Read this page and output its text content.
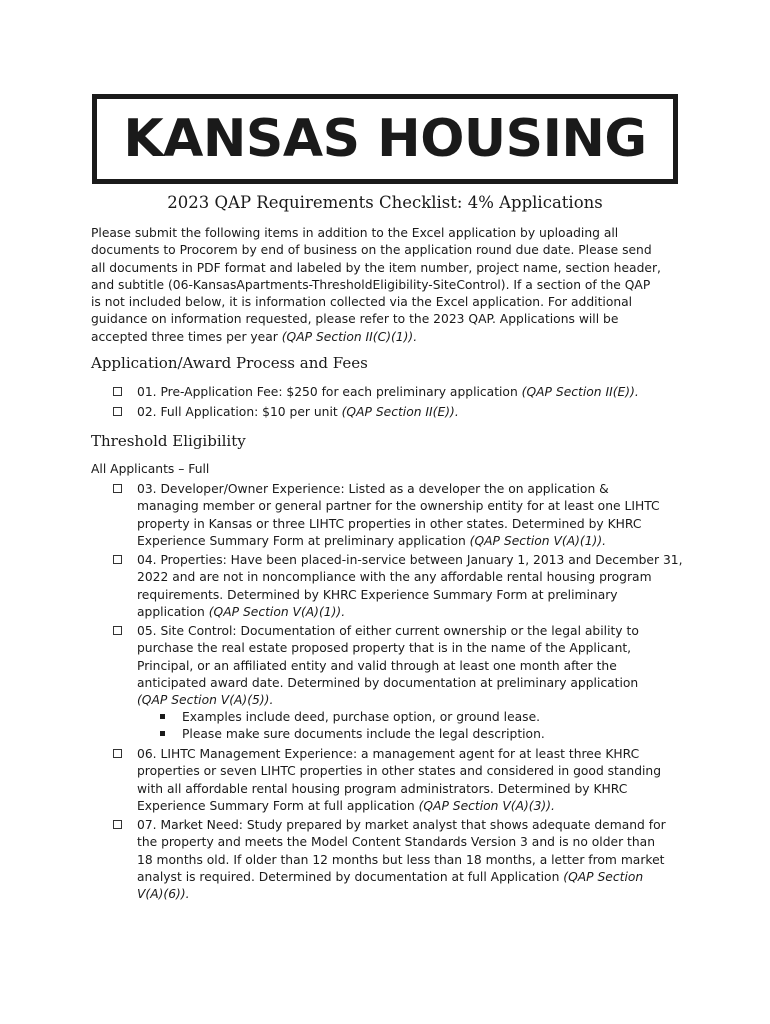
KANSAS HOUSING
2023 QAP Requirements Checklist: 4% Applications
Please submit the following items in addition to the Excel application by uploading all
documents to Procorem by end of business on the application round due date. Please send
all documents in PDF format and labeled by the item number, project name, section header,
and subtitle (06-KansasApartments-ThresholdEligibility-SiteControl). If a section of the QAP
is not included below, it is information collected via the Excel application. For additional
guidance on information requested, please refer to the 2023 QAP. Applications will be
accepted three times per year (QAP Section II(C)(1)).
Application/Award Process and Fees
01. Pre-Application Fee: $250 for each preliminary application (QAP Section II(E)).
02. Full Application: $10 per unit (QAP Section II(E)).
Threshold Eligibility
All Applicants – Full
03. Developer/Owner Experience: Listed as a developer the on application &
managing member or general partner for the ownership entity for at least one LIHTC
property in Kansas or three LIHTC properties in other states. Determined by KHRC
Experience Summary Form at preliminary application (QAP Section V(A)(1)).
04. Properties: Have been placed-in-service between January 1, 2013 and December 31,
2022 and are not in noncompliance with the any affordable rental housing program
requirements. Determined by KHRC Experience Summary Form at preliminary
application (QAP Section V(A)(1)).
05. Site Control: Documentation of either current ownership or the legal ability to
purchase the real estate proposed property that is in the name of the Applicant,
Principal, or an affiliated entity and valid through at least one month after the
anticipated award date. Determined by documentation at preliminary application
(QAP Section V(A)(5)).
Examples include deed, purchase option, or ground lease.
Please make sure documents include the legal description.
06. LIHTC Management Experience: a management agent for at least three KHRC
properties or seven LIHTC properties in other states and considered in good standing
with all affordable rental housing program administrators. Determined by KHRC
Experience Summary Form at full application (QAP Section V(A)(3)).
07. Market Need: Study prepared by market analyst that shows adequate demand for
the property and meets the Model Content Standards Version 3 and is no older than
18 months old. If older than 12 months but less than 18 months, a letter from market
analyst is required. Determined by documentation at full Application (QAP Section
V(A)(6)).
